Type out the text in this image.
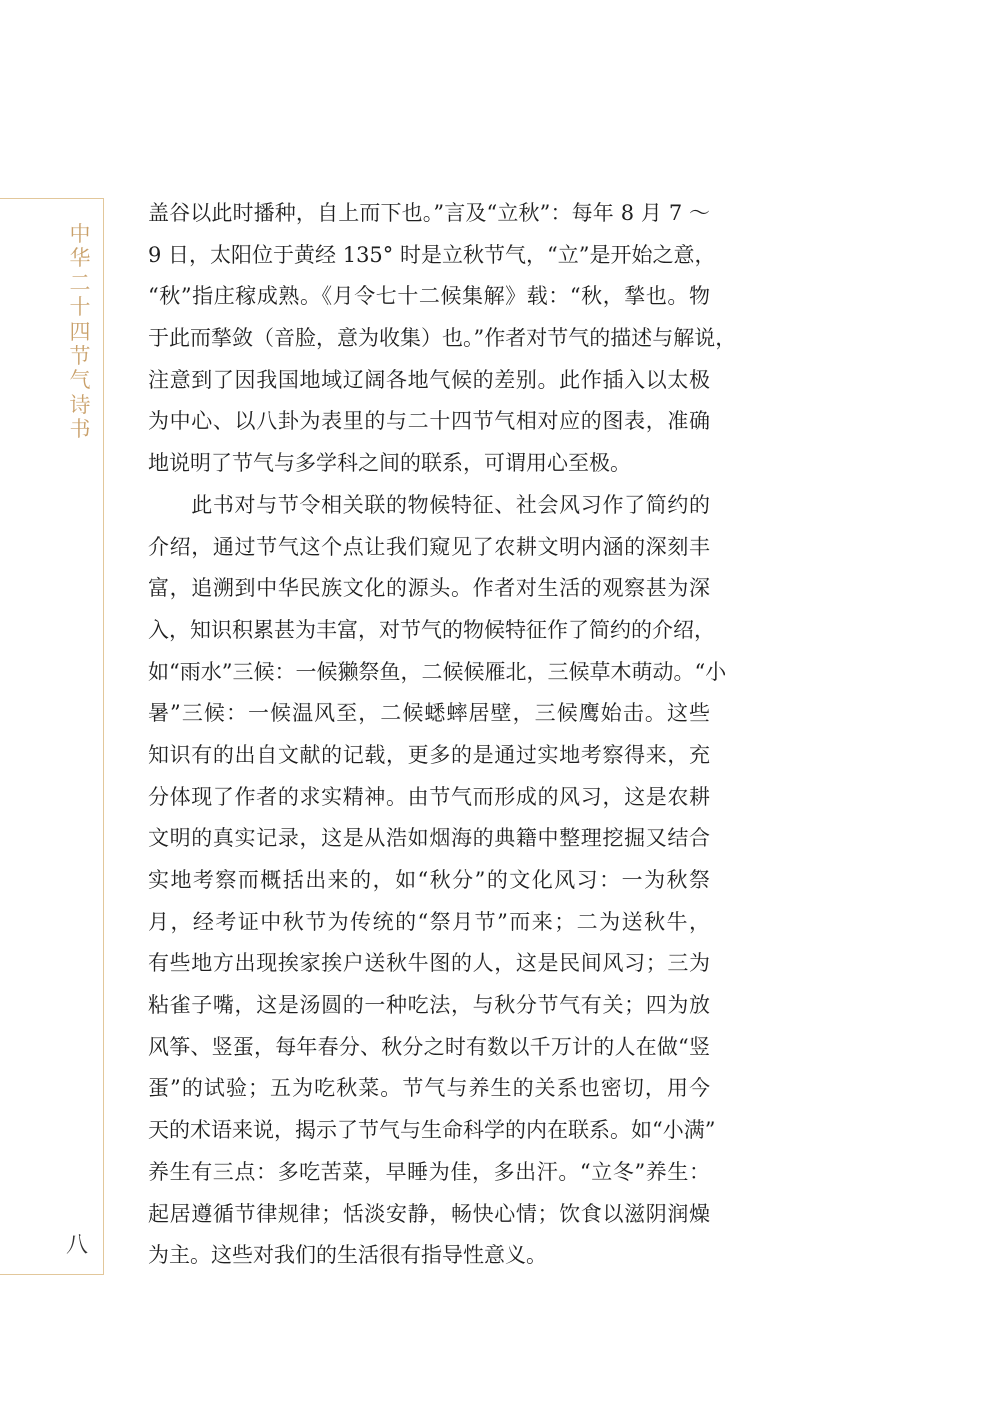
中
华
二
十
四
节
气
诗
书
八
盖谷以此时播种，自上而下也。”言及“立秋”：每年 8 月 7 ～
9 日，太阳位于黄经 135° 时是立秋节气，“立”是开始之意，
“秋”指庄稼成熟。《月令七十二候集解》载：“秋，揫也。物
于此而揫敛（音脸，意为收集）也。”作者对节气的描述与解说，
注意到了因我国地域辽阔各地气候的差别。此作插入以太极
为中心、以八卦为表里的与二十四节气相对应的图表，准确
地说明了节气与多学科之间的联系，可谓用心至极。
　　此书对与节令相关联的物候特征、社会风习作了简约的
介绍，通过节气这个点让我们窥见了农耕文明内涵的深刻丰
富，追溯到中华民族文化的源头。作者对生活的观察甚为深
入，知识积累甚为丰富，对节气的物候特征作了简约的介绍，
如“雨水”三候：一候獭祭鱼，二候候雁北，三候草木萌动。“小
暑”三候：一候温风至，二候蟋蟀居壁，三候鹰始击。这些
知识有的出自文献的记载，更多的是通过实地考察得来，充
分体现了作者的求实精神。由节气而形成的风习，这是农耕
文明的真实记录，这是从浩如烟海的典籍中整理挖掘又结合
实地考察而概括出来的，如“秋分”的文化风习：一为秋祭
月，经考证中秋节为传统的“祭月节”而来；二为送秋牛，
有些地方出现挨家挨户送秋牛图的人，这是民间风习；三为
粘雀子嘴，这是汤圆的一种吃法，与秋分节气有关；四为放
风筝、竖蛋，每年春分、秋分之时有数以千万计的人在做“竖
蛋”的试验；五为吃秋菜。节气与养生的关系也密切，用今
天的术语来说，揭示了节气与生命科学的内在联系。如“小满”
养生有三点：多吃苦菜，早睡为佳，多出汗。“立冬”养生：
起居遵循节律规律；恬淡安静，畅快心情；饮食以滋阴润燥
为主。这些对我们的生活很有指导性意义。
